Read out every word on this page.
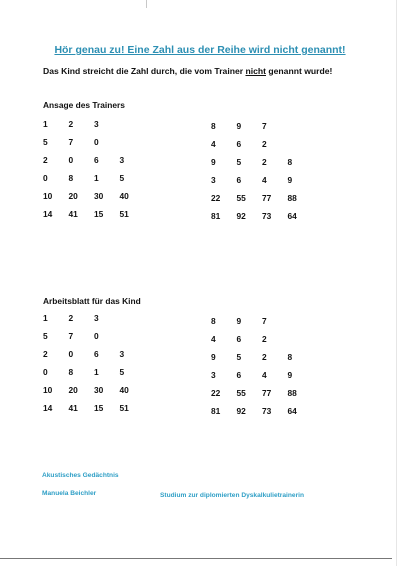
Hör genau zu! Eine Zahl aus der Reihe wird nicht genannt!
Das Kind streicht die Zahl durch, die vom Trainer nicht genannt wurde!
Ansage des Trainers
1	2	3
5	7	0
2	0	6	3
0	8	1	5
10	20	30	40
14	41	15	51
8	9	7
4	6	2
9	5	2	8
3	6	4	9
22	55	77	88
81	92	73	64
Arbeitsblatt für das Kind
1	2	3
5	7	0
2	0	6	3
0	8	1	5
10	20	30	40
14	41	15	51
8	9	7
4	6	2
9	5	2	8
3	6	4	9
22	55	77	88
81	92	73	64
Akustisches Gedächtnis
Manuela Beichler	Studium zur diplomierten Dyskalkulietrainerin
